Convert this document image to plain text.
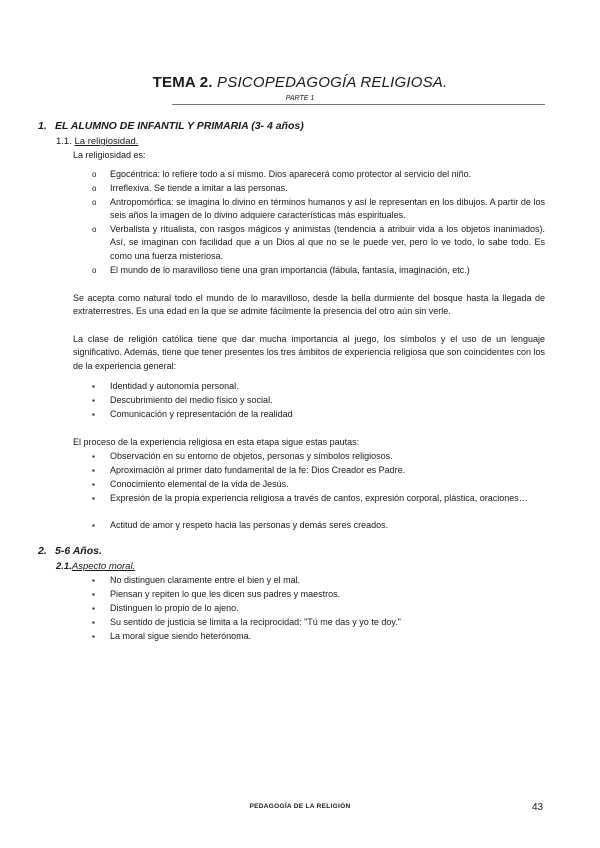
TEMA 2. PSICOPEDAGOGÍA RELIGIOSA.
PARTE 1
1. EL ALUMNO DE INFANTIL Y PRIMARIA (3- 4 años)
1.1. La religiosidad.
La religiosidad es:
o Egocéntrica: lo refiere todo a sí mismo. Dios aparecerá como protector al servicio del niño.
o Irreflexiva. Se tiende a imitar a las personas.
o Antropomórfica: se imagina lo divino en términos humanos y así le representan en los dibujos. A partir de los seis años la imagen de lo divino adquiere características más espirituales.
o Verbalista y ritualista, con rasgos mágicos y animistas (tendencia a atribuir vida a los objetos inanimados). Así, se imaginan con facilidad que a un Dios al que no se le puede ver, pero lo ve todo, lo sabe todo. Es como una fuerza misteriosa.
o El mundo de lo maravilloso tiene una gran importancia (fábula, fantasía, imaginación, etc.)
Se acepta como natural todo el mundo de lo maravilloso, desde la bella durmiente del bosque hasta la llegada de extraterrestres. Es una edad en la que se admite fácilmente la presencia del otro aún sin verle.
La clase de religión católica tiene que dar mucha importancia al juego, los símbolos y el uso de un lenguaje significativo. Además, tiene que tener presentes los tres ámbitos de experiencia religiosa que son coincidentes con los de la experiencia general:
▪ Identidad y autonomía personal.
▪ Descubrimiento del medio físico y social.
▪ Comunicación y representación de la realidad
El proceso de la experiencia religiosa en esta etapa sigue estas pautas:
▪ Observación en su entorno de objetos, personas y símbolos religiosos.
▪ Aproximación al primer dato fundamental de la fe: Dios Creador es Padre.
▪ Conocimiento elemental de la vida de Jesús.
▪ Expresión de la propia experiencia religiosa a través de cantos, expresión corporal, plástica, oraciones…
▪ Actitud de amor y respeto hacia las personas y demás seres creados.
2. 5-6 Años.
2.1.Aspecto moral.
▪ No distinguen claramente entre el bien y el mal.
▪ Piensan y repiten lo que les dicen sus padres y maestros.
▪ Distinguen lo propio de lo ajeno.
▪ Su sentido de justicia se limita a la reciprocidad: "Tú me das y yo te doy."
▪ La moral sigue siendo heterónoma.
PEDAGOGÍA DE LA RELIGIÓN	43
